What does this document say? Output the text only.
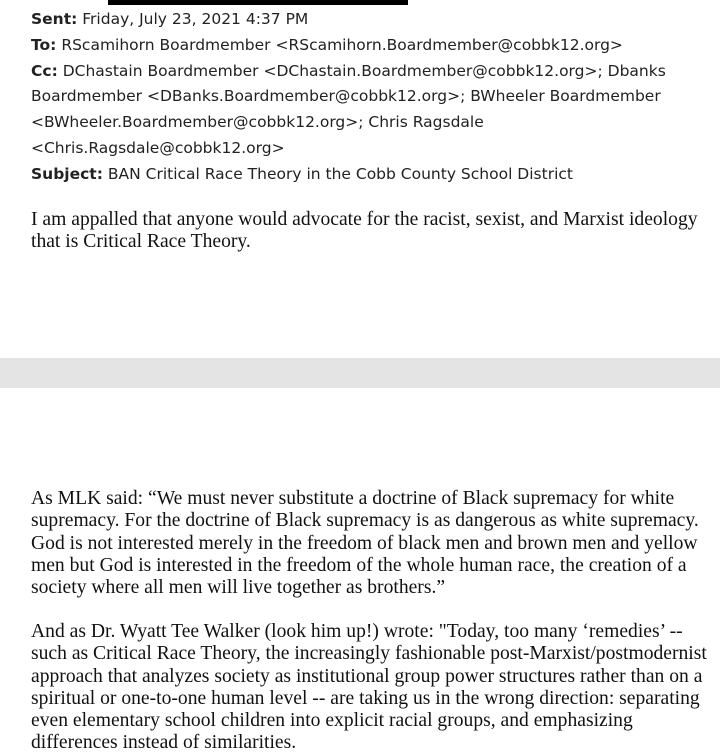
Sent: Friday, July 23, 2021 4:37 PM

To: RScamihorn Boardmember <RScamihorn.Boardmember@cobbk12.org>

Cc: DChastain Boardmember <DChastain.Boardmember@cobbk12.org>; Dbanks Boardmember <DBanks.Boardmember@cobbk12.org>; BWheeler Boardmember <BWheeler.Boardmember@cobbk12.org>; Chris Ragsdale <Chris.Ragsdale@cobbk12.org>

Subject: BAN Critical Race Theory in the Cobb County School District

I am appalled that anyone would advocate for the racist, sexist, and Marxist ideology that is Critical Race Theory.

As MLK said: “We must never substitute a doctrine of Black supremacy for white supremacy. For the doctrine of Black supremacy is as dangerous as white supremacy. God is not interested merely in the freedom of black men and brown men and yellow men but God is interested in the freedom of the whole human race, the creation of a society where all men will live together as brothers.”

And as Dr. Wyatt Tee Walker (look him up!) wrote: "Today, too many ‘remedies’ -- such as Critical Race Theory, the increasingly fashionable post-Marxist/postmodernist approach that analyzes society as institutional group power structures rather than on a spiritual or one-to-one human level -- are taking us in the wrong direction: separating even elementary school children into explicit racial groups, and emphasizing differences instead of similarities.
